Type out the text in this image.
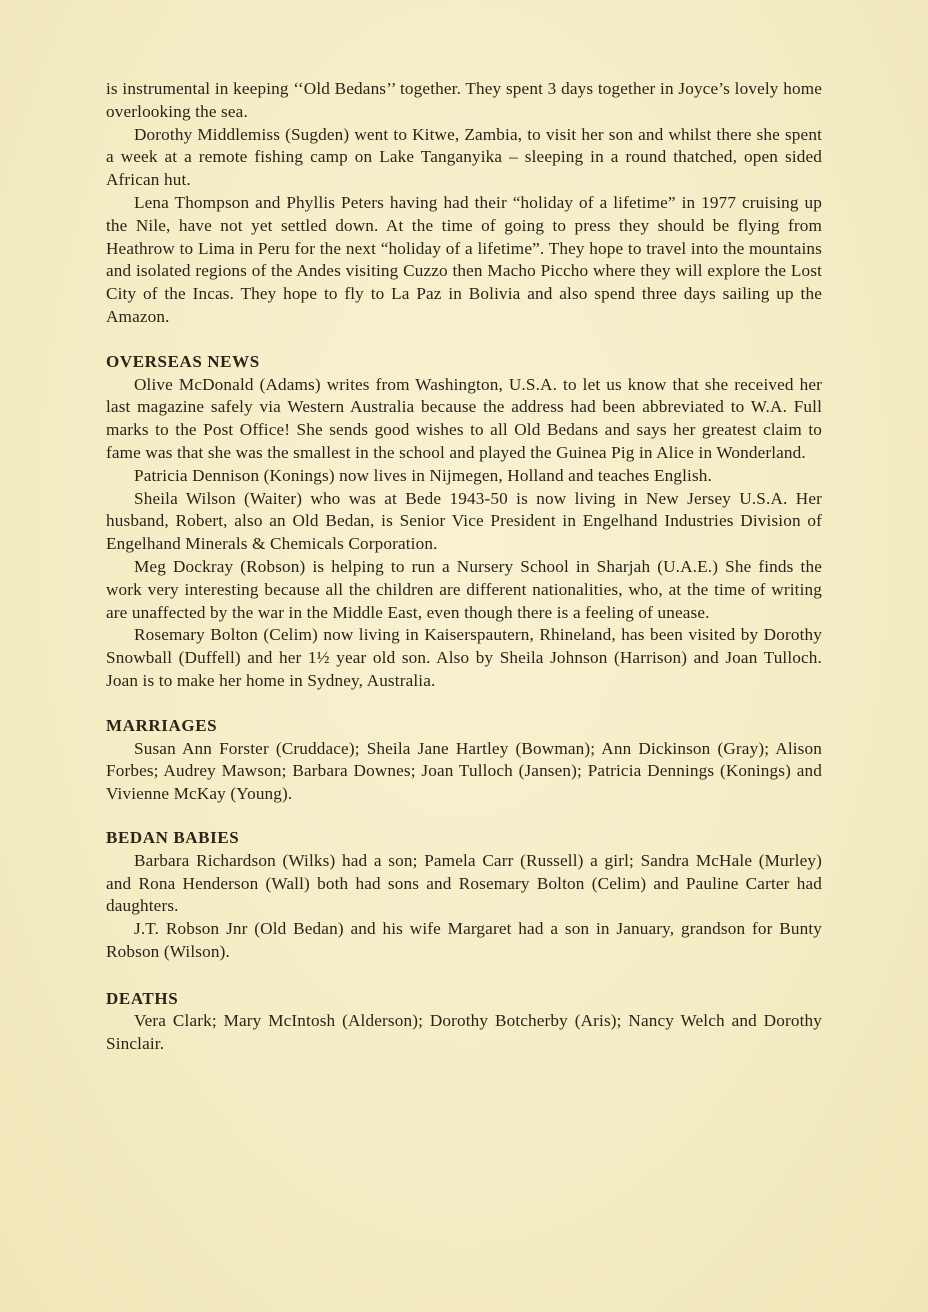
is instrumental in keeping ‘‘Old Bedans’’ together. They spent 3 days together in Joyce’s lovely home overlooking the sea.

Dorothy Middlemiss (Sugden) went to Kitwe, Zambia, to visit her son and whilst there she spent a week at a remote fishing camp on Lake Tanganyika – sleeping in a round thatched, open sided African hut.

Lena Thompson and Phyllis Peters having had their “holiday of a lifetime” in 1977 cruising up the Nile, have not yet settled down. At the time of going to press they should be flying from Heathrow to Lima in Peru for the next “holiday of a lifetime”. They hope to travel into the mountains and isolated regions of the Andes visiting Cuzzo then Macho Piccho where they will explore the Lost City of the Incas. They hope to fly to La Paz in Bolivia and also spend three days sailing up the Amazon.

OVERSEAS NEWS

Olive McDonald (Adams) writes from Washington, U.S.A. to let us know that she received her last magazine safely via Western Australia because the address had been abbreviated to W.A. Full marks to the Post Office! She sends good wishes to all Old Bedans and says her greatest claim to fame was that she was the smallest in the school and played the Guinea Pig in Alice in Wonderland.

Patricia Dennison (Konings) now lives in Nijmegen, Holland and teaches English.

Sheila Wilson (Waiter) who was at Bede 1943-50 is now living in New Jersey U.S.A. Her husband, Robert, also an Old Bedan, is Senior Vice President in Engelhand Industries Division of Engelhand Minerals & Chemicals Corporation.

Meg Dockray (Robson) is helping to run a Nursery School in Sharjah (U.A.E.) She finds the work very interesting because all the children are different nationalities, who, at the time of writing are unaffected by the war in the Middle East, even though there is a feeling of unease.

Rosemary Bolton (Celim) now living in Kaiserspautern, Rhineland, has been visited by Dorothy Snowball (Duffell) and her 1½ year old son. Also by Sheila Johnson (Harrison) and Joan Tulloch. Joan is to make her home in Sydney, Australia.

MARRIAGES

Susan Ann Forster (Cruddace); Sheila Jane Hartley (Bowman); Ann Dickinson (Gray); Alison Forbes; Audrey Mawson; Barbara Downes; Joan Tulloch (Jansen); Patricia Dennings (Konings) and Vivienne McKay (Young).

BEDAN BABIES

Barbara Richardson (Wilks) had a son; Pamela Carr (Russell) a girl; Sandra McHale (Murley) and Rona Henderson (Wall) both had sons and Rosemary Bolton (Celim) and Pauline Carter had daughters.

J.T. Robson Jnr (Old Bedan) and his wife Margaret had a son in January, grandson for Bunty Robson (Wilson).

DEATHS

Vera Clark; Mary McIntosh (Alderson); Dorothy Botcherby (Aris); Nancy Welch and Dorothy Sinclair.
